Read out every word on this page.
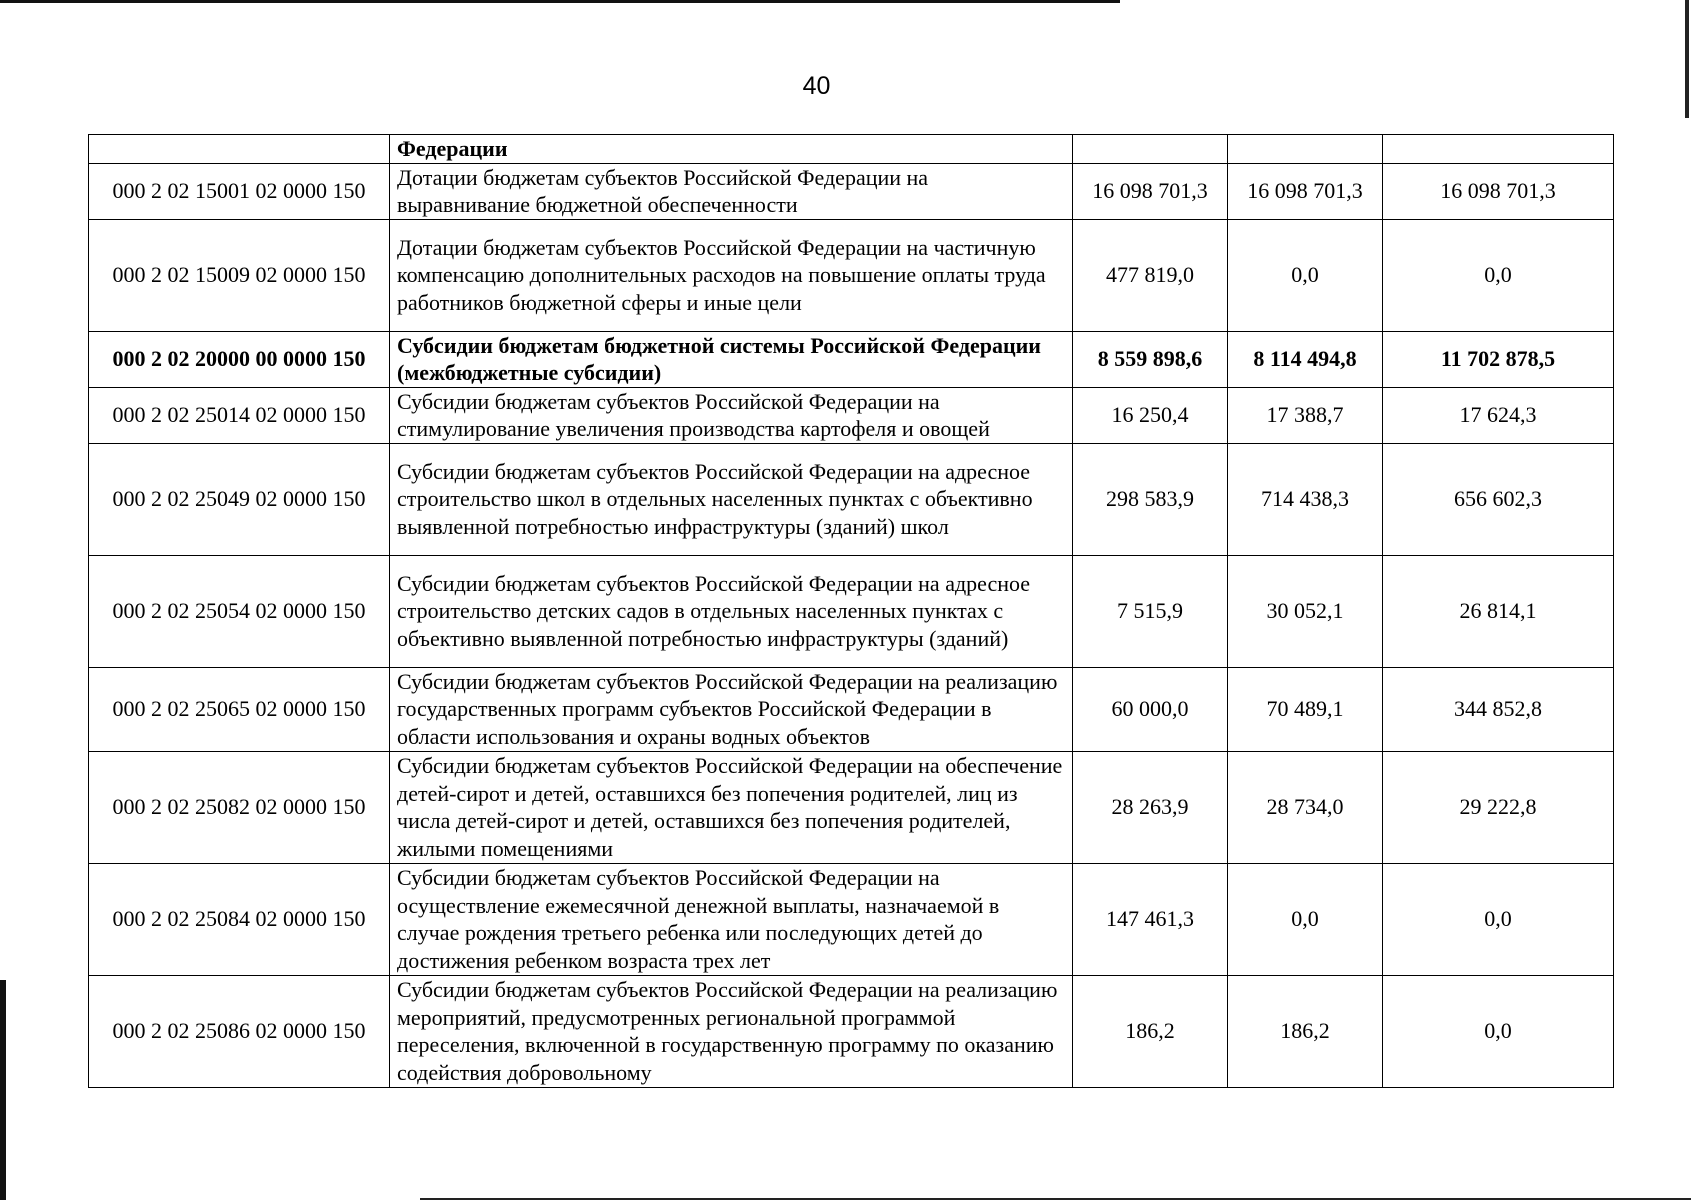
40
	Федерации			
000 2 02 15001 02 0000 150	Дотации бюджетам субъектов Российской Федерации на выравнивание бюджетной обеспеченности	16 098 701,3	16 098 701,3	16 098 701,3
000 2 02 15009 02 0000 150	Дотации бюджетам субъектов Российской Федерации на частичную компенсацию дополнительных расходов на повышение оплаты труда работников бюджетной сферы и иные цели	477 819,0	0,0	0,0
000 2 02 20000 00 0000 150	Субсидии бюджетам бюджетной системы Российской Федерации (межбюджетные субсидии)	8 559 898,6	8 114 494,8	11 702 878,5
000 2 02 25014 02 0000 150	Субсидии бюджетам субъектов Российской Федерации на стимулирование увеличения производства картофеля и овощей	16 250,4	17 388,7	17 624,3
000 2 02 25049 02 0000 150	Субсидии бюджетам субъектов Российской Федерации на адресное строительство школ в отдельных населенных пунктах с объективно выявленной потребностью инфраструктуры (зданий) школ	298 583,9	714 438,3	656 602,3
000 2 02 25054 02 0000 150	Субсидии бюджетам субъектов Российской Федерации на адресное строительство детских садов в отдельных населенных пунктах с объективно выявленной потребностью инфраструктуры (зданий)	7 515,9	30 052,1	26 814,1
000 2 02 25065 02 0000 150	Субсидии бюджетам субъектов Российской Федерации на реализацию государственных программ субъектов Российской Федерации в области использования и охраны водных объектов	60 000,0	70 489,1	344 852,8
000 2 02 25082 02 0000 150	Субсидии бюджетам субъектов Российской Федерации на обеспечение детей-сирот и детей, оставшихся без попечения родителей, лиц из числа детей-сирот и детей, оставшихся без попечения родителей, жилыми помещениями	28 263,9	28 734,0	29 222,8
000 2 02 25084 02 0000 150	Субсидии бюджетам субъектов Российской Федерации на осуществление ежемесячной денежной выплаты, назначаемой в случае рождения третьего ребенка или последующих детей до достижения ребенком возраста трех лет	147 461,3	0,0	0,0
000 2 02 25086 02 0000 150	Субсидии бюджетам субъектов Российской Федерации на реализацию мероприятий, предусмотренных региональной программой переселения, включенной в государственную программу по оказанию содействия добровольному	186,2	186,2	0,0
